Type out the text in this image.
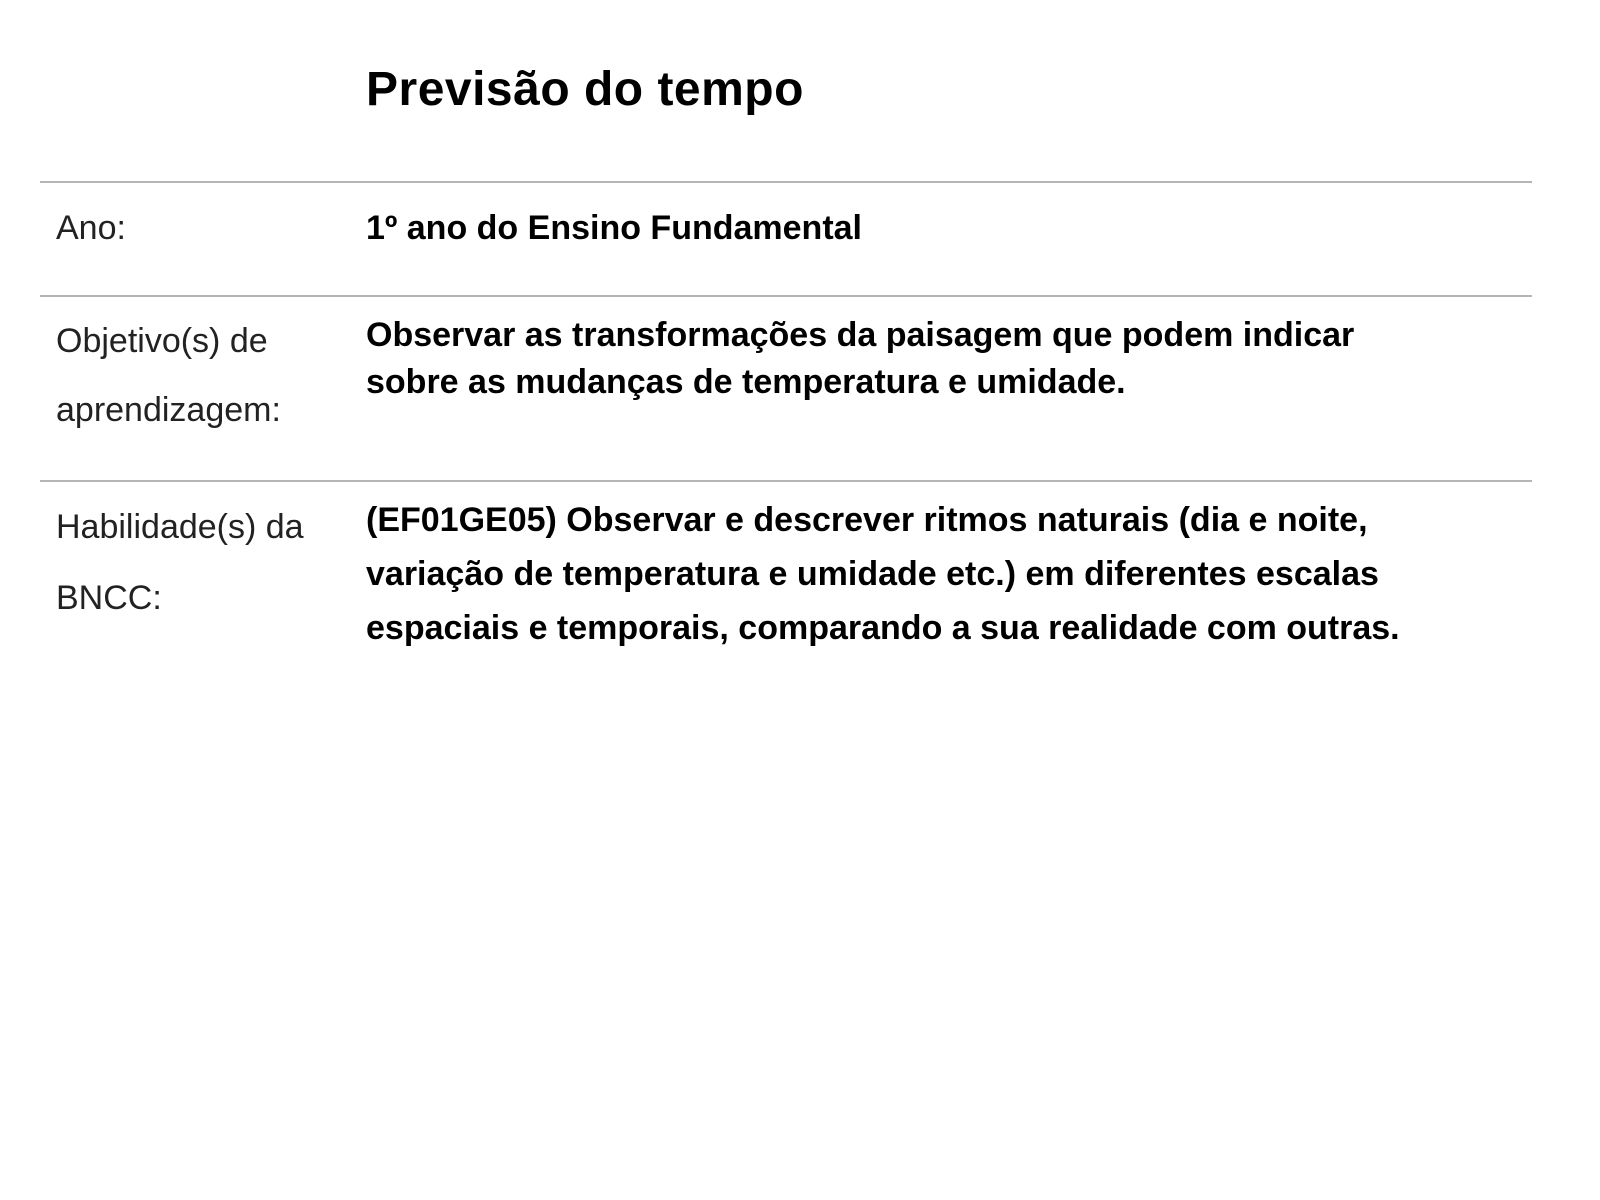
Previsão do tempo
Ano:	1º ano do Ensino Fundamental
Objetivo(s) de aprendizagem:
Observar as transformações da paisagem que podem indicar sobre as mudanças de temperatura e umidade.
Habilidade(s) da BNCC:
(EF01GE05) Observar e descrever ritmos naturais (dia e noite, variação de temperatura e umidade etc.) em diferentes escalas espaciais e temporais, comparando a sua realidade com outras.
